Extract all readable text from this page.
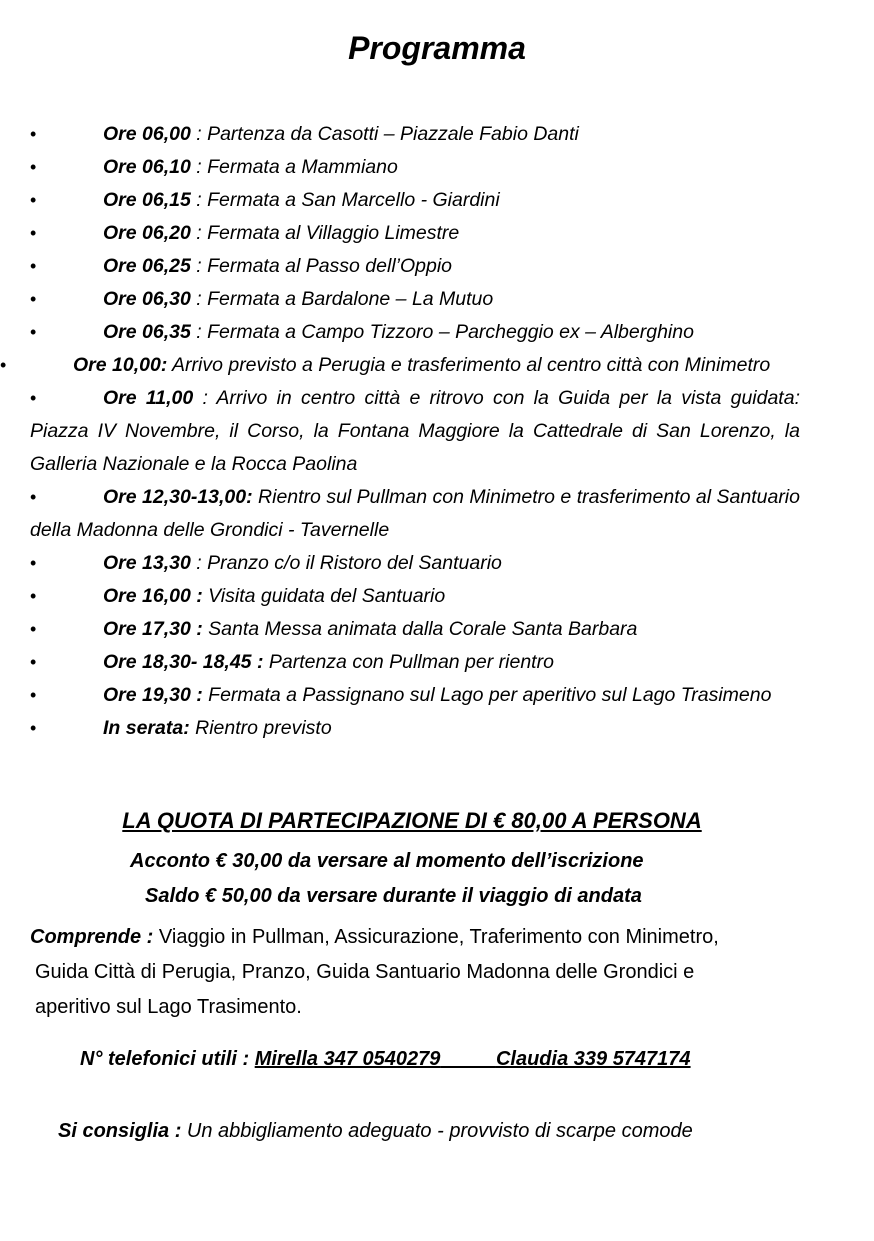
Programma
•	Ore 06,00 : Partenza da Casotti – Piazzale Fabio Danti
•	Ore 06,10 : Fermata a Mammiano
•	Ore 06,15 : Fermata a San Marcello - Giardini
•	Ore 06,20 : Fermata al Villaggio Limestre
•	Ore 06,25 : Fermata al Passo dell’Oppio
•	Ore 06,30 : Fermata a Bardalone – La Mutuo
•	Ore 06,35 : Fermata a Campo Tizzoro – Parcheggio ex – Alberghino
•	Ore 10,00: Arrivo previsto a Perugia e trasferimento al centro città con Minimetro
•	Ore 11,00 : Arrivo in centro città e ritrovo con la Guida per la vista guidata: Piazza IV Novembre, il Corso, la Fontana Maggiore la Cattedrale di San Lorenzo, la Galleria Nazionale e la Rocca Paolina
•	Ore 12,30-13,00: Rientro sul Pullman con Minimetro e trasferimento al Santuario della Madonna delle Grondici - Tavernelle
•	Ore 13,30 : Pranzo c/o il Ristoro del Santuario
•	Ore 16,00 : Visita guidata del Santuario
•	Ore 17,30 : Santa Messa animata dalla Corale Santa Barbara
•	Ore 18,30- 18,45 : Partenza con Pullman per rientro
•	Ore 19,30 : Fermata a Passignano sul Lago per aperitivo sul Lago Trasimeno
•	In serata: Rientro previsto
LA QUOTA DI PARTECIPAZIONE DI € 80,00 A PERSONA
Acconto € 30,00 da versare al momento dell’iscrizione
Saldo € 50,00 da versare durante il viaggio di andata
Comprende : Viaggio in Pullman, Assicurazione, Traferimento con Minimetro,
Guida Città di Perugia, Pranzo, Guida Santuario Madonna delle Grondici e
aperitivo sul Lago Trasimento.
N° telefonici utili : Mirella 347 0540279	Claudia 339 5747174
Si consiglia : Un abbigliamento adeguato - provvisto di scarpe comode
